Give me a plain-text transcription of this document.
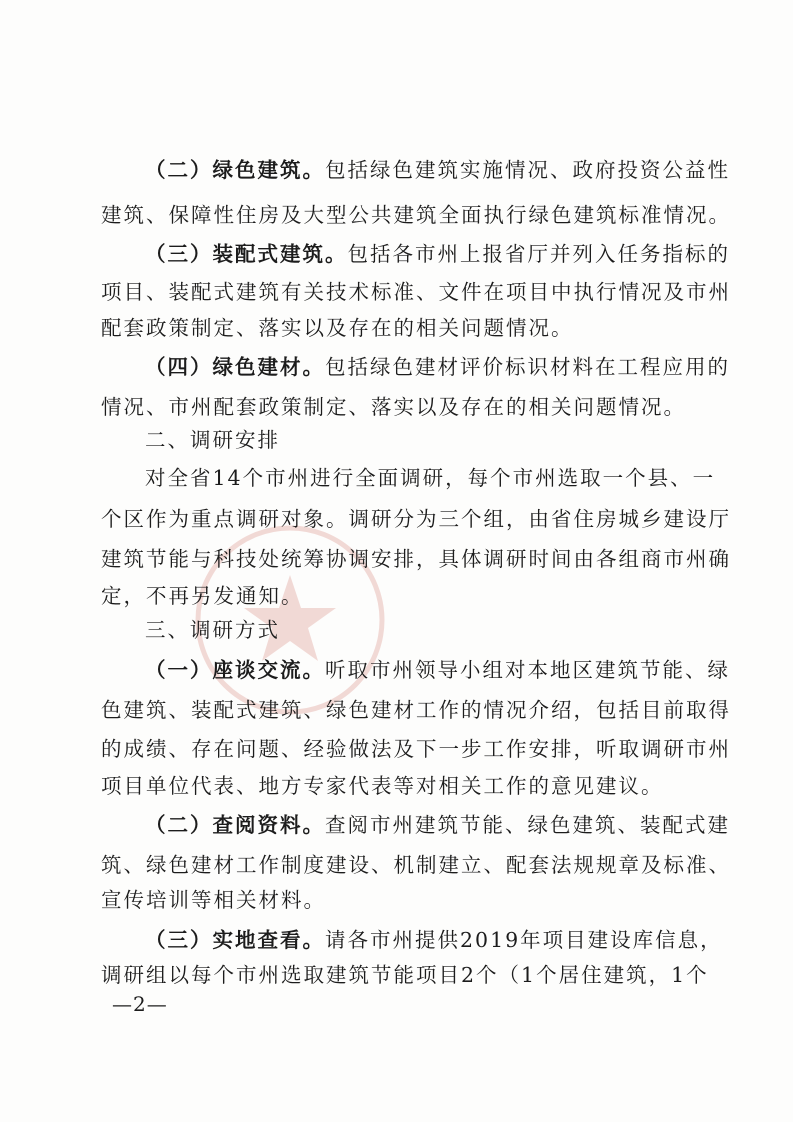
（二）绿色建筑。包括绿色建筑实施情况、政府投资公益性
建筑、保障性住房及大型公共建筑全面执行绿色建筑标准情况。
（三）装配式建筑。包括各市州上报省厅并列入任务指标的
项目、装配式建筑有关技术标准、文件在项目中执行情况及市州
配套政策制定、落实以及存在的相关问题情况。
（四）绿色建材。包括绿色建材评价标识材料在工程应用的
情况、市州配套政策制定、落实以及存在的相关问题情况。
二、调研安排
对全省14个市州进行全面调研，每个市州选取一个县、一
个区作为重点调研对象。调研分为三个组，由省住房城乡建设厅
建筑节能与科技处统筹协调安排，具体调研时间由各组商市州确
定，不再另发通知。
三、调研方式
（一）座谈交流。听取市州领导小组对本地区建筑节能、绿
色建筑、装配式建筑、绿色建材工作的情况介绍，包括目前取得
的成绩、存在问题、经验做法及下一步工作安排，听取调研市州
项目单位代表、地方专家代表等对相关工作的意见建议。
（二）查阅资料。查阅市州建筑节能、绿色建筑、装配式建
筑、绿色建材工作制度建设、机制建立、配套法规规章及标准、
宣传培训等相关材料。
（三）实地查看。请各市州提供2019年项目建设库信息，
调研组以每个市州选取建筑节能项目2个（1个居住建筑，1个
—2—
